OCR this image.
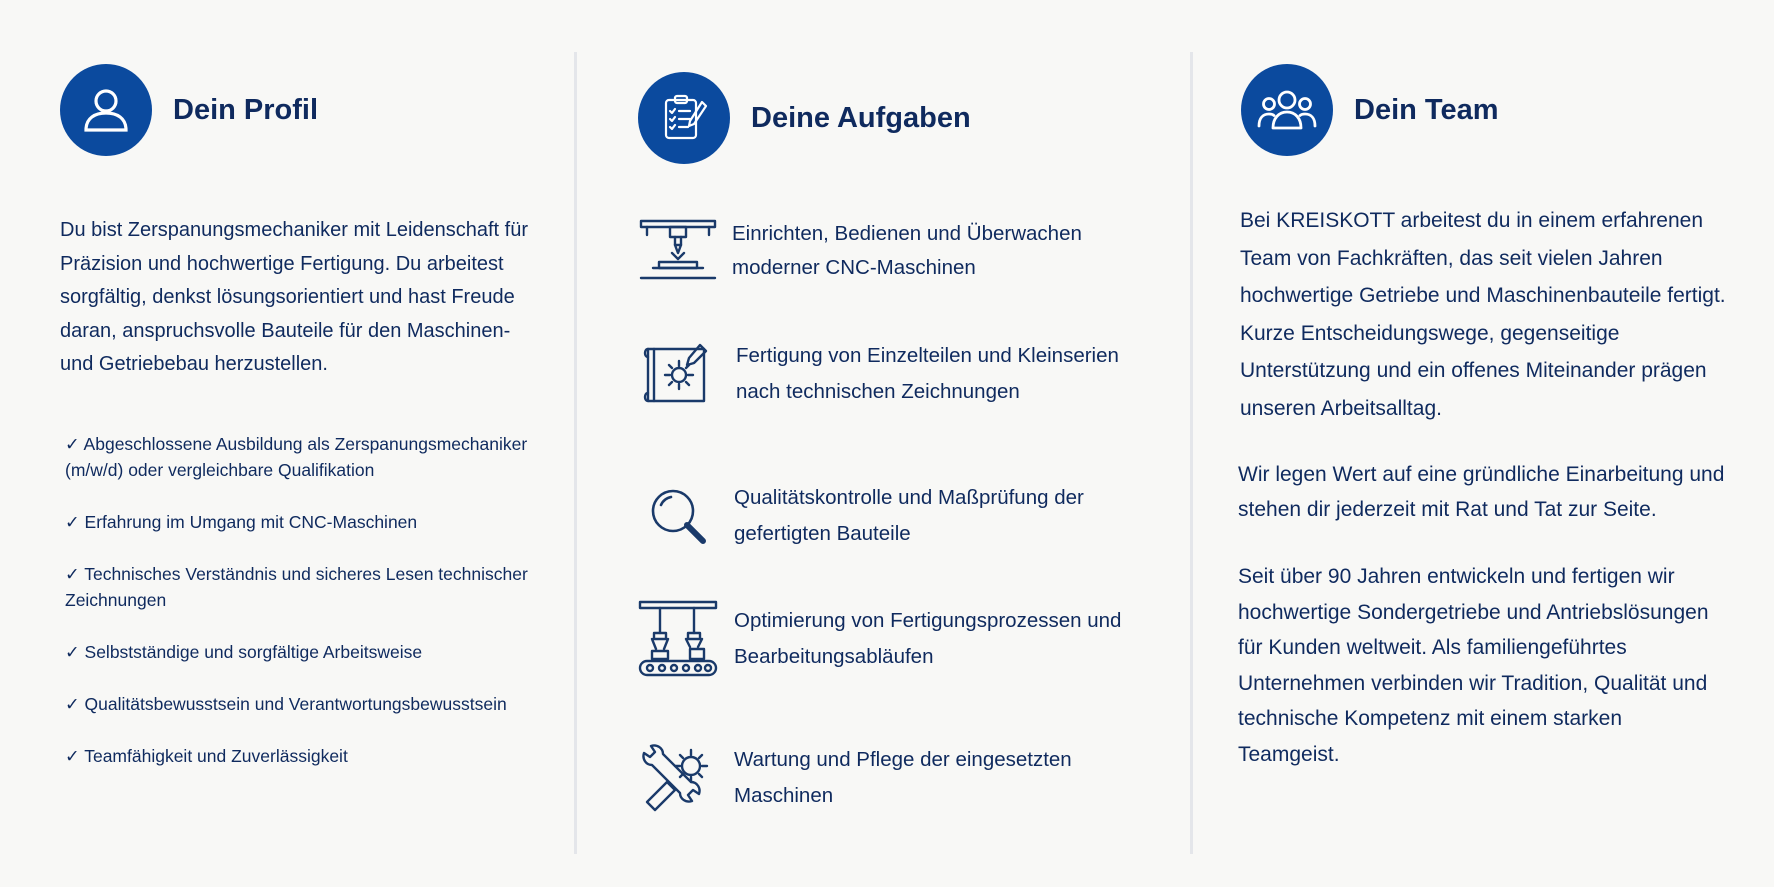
Dein Profil

Du bist Zerspanungsmechaniker mit Leidenschaft für Präzision und hochwertige Fertigung. Du arbeitest sorgfältig, denkst lösungsorientiert und hast Freude daran, anspruchsvolle Bauteile für den Maschinen- und Getriebebau herzustellen.

✓ Abgeschlossene Ausbildung als Zerspanungsmechaniker (m/w/d) oder vergleichbare Qualifikation
✓ Erfahrung im Umgang mit CNC-Maschinen
✓ Technisches Verständnis und sicheres Lesen technischer Zeichnungen
✓ Selbstständige und sorgfältige Arbeitsweise
✓ Qualitätsbewusstsein und Verantwortungsbewusstsein
✓ Teamfähigkeit und Zuverlässigkeit
Deine Aufgaben
Einrichten, Bedienen und Überwachen moderner CNC-Maschinen
Fertigung von Einzelteilen und Kleinserien nach technischen Zeichnungen
Qualitätskontrolle und Maßprüfung der gefertigten Bauteile
Optimierung von Fertigungsprozessen und Bearbeitungsabläufen
Wartung und Pflege der eingesetzten Maschinen
Dein Team

Bei KREISKOTT arbeitest du in einem erfahrenen Team von Fachkräften, das seit vielen Jahren hochwertige Getriebe und Maschinenbauteile fertigt. Kurze Entscheidungswege, gegenseitige Unterstützung und ein offenes Miteinander prägen unseren Arbeitsalltag.

Wir legen Wert auf eine gründliche Einarbeitung und stehen dir jederzeit mit Rat und Tat zur Seite.

Seit über 90 Jahren entwickeln und fertigen wir hochwertige Sondergetriebe und Antriebslösungen für Kunden weltweit. Als familiengeführtes Unternehmen verbinden wir Tradition, Qualität und technische Kompetenz mit einem starken Teamgeist.
